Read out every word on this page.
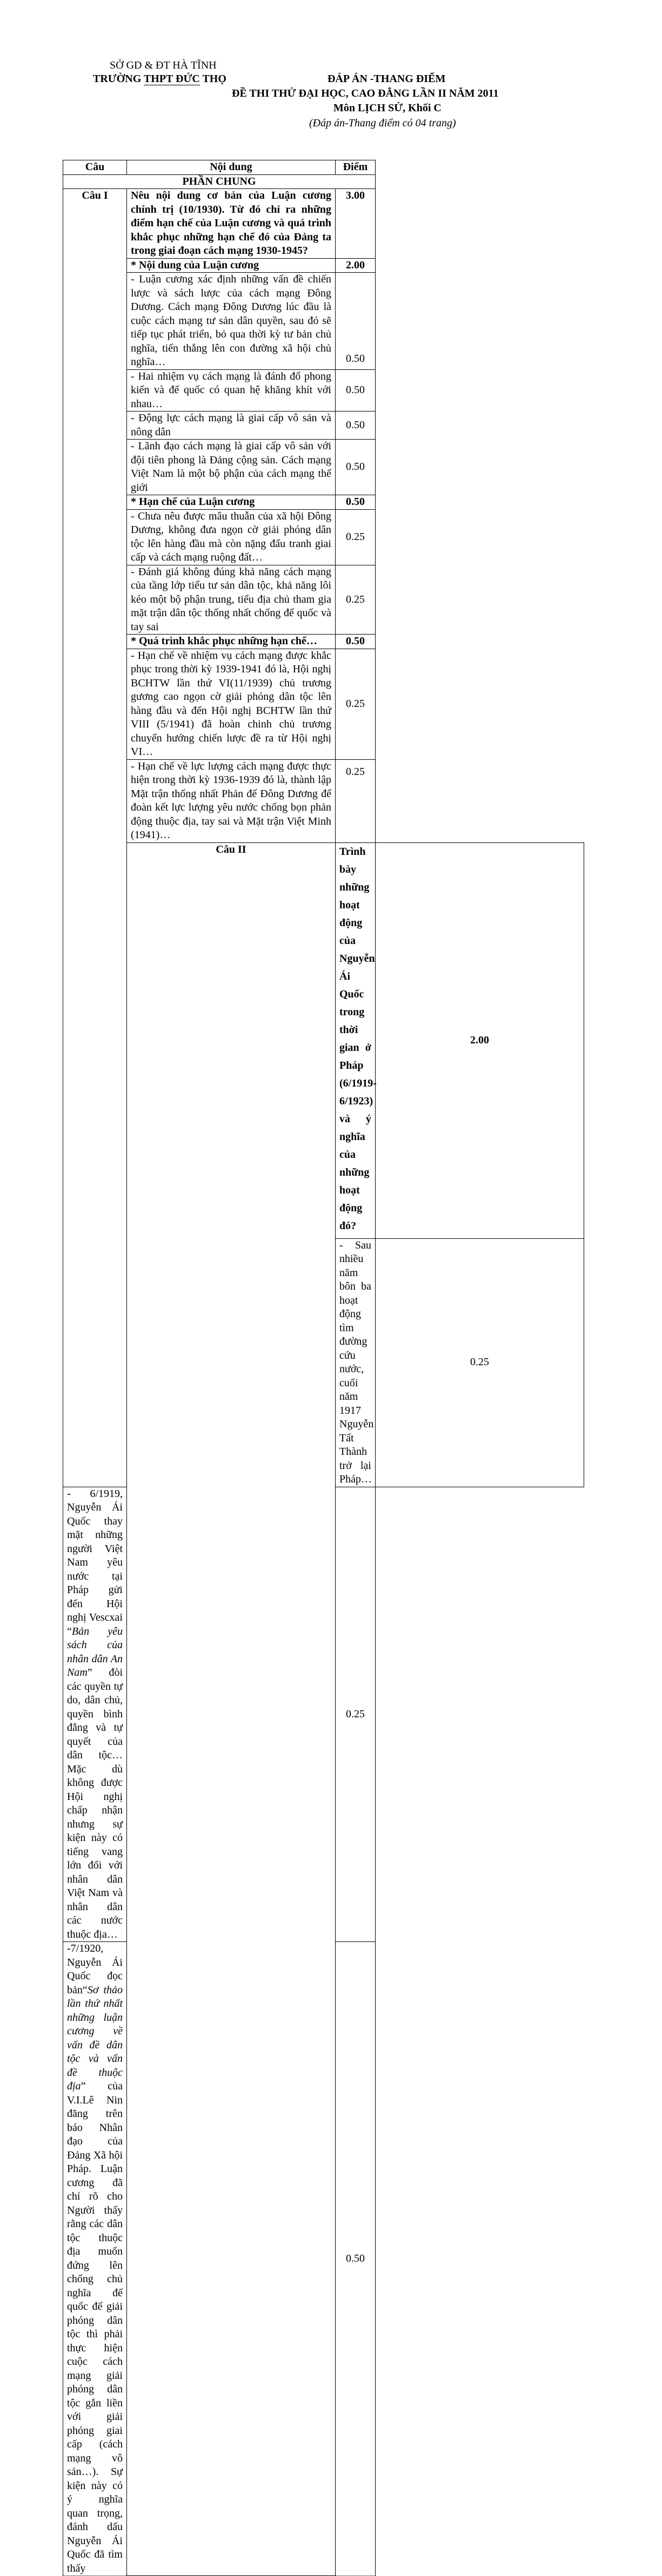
SỞ GD & ĐT HÀ TĨNH
TRƯỜNG THPT ĐỨC THỌ	ĐÁP ÁN -THANG ĐIỂM
ĐỀ THI THỬ ĐẠI HỌC, CAO ĐẲNG LẦN II NĂM 2011
Môn LỊCH SỬ, Khối C
(Đáp án-Thang điểm có 04 trang)
Câu	Nội dung	Điểm	
PHẦN CHUNG			
Câu I	Nêu nội dung cơ bản của Luận cương chính trị (10/1930). Từ đó chỉ ra những điểm hạn chế của Luận cương và quá trình khắc phục những hạn chế đó của Đảng ta trong giai đoạn cách mạng 1930-1945?	3.00	
	* Nội dung của Luận cương	2.00	
	- Luận cương xác định những vấn đề chiến lược và sách lược của cách mạng Đông Dương. Cách mạng Đông Dương lúc đầu là cuộc cách mạng tư sản dân quyền, sau đó sẽ tiếp tục phát triển, bỏ qua thời kỳ tư bản chủ nghĩa, tiến thẳng lên con đường xã hội chủ nghĩa…	0.50	
	- Hai nhiệm vụ cách mạng là đánh đổ phong kiến và đế quốc có quan hệ khăng khít với nhau…	0.50	
	- Động lực cách mạng là giai cấp vô sản và nông dân	0.50	
	- Lãnh đạo cách mạng là giai cấp vô sản với đội tiên phong là Đảng cộng sản. Cách mạng Việt Nam là một bộ phận của cách mạng thế giới	0.50	
	* Hạn chế của Luận cương	0.50	
	- Chưa nêu được mâu thuẫn của xã hội Đông Dương, không đưa ngọn cờ giải phóng dân tộc lên hàng đầu mà còn nặng đấu tranh giai cấp và cách mạng ruộng đất…	0.25	
	- Đánh giá không đúng khả năng cách mạng của tầng lớp tiểu tư sản dân tộc, khả năng lôi kéo một bộ phận trung, tiểu địa chủ tham gia mặt trận dân tộc thống nhất chống đế quốc và tay sai	0.25	
	* Quá trình khắc phục những hạn chế…	0.50	
	- Hạn chế về nhiệm vụ cách mạng được khắc phục trong thời kỳ 1939-1941 đó là, Hội nghị BCHTW lần thứ VI(11/1939) chủ trương gương cao ngọn cờ giải phóng dân tộc lên hàng đầu và đến Hội nghị BCHTW lần thứ VIII (5/1941) đã hoàn chinh chủ trương chuyển hướng chiến lược đề ra từ Hội nghị VI…	0.25	
	- Hạn chế về lực lượng cách mạng được thực hiện trong thời kỳ 1936-1939 đó là, thành lập Mặt trận thống nhất Phản đế Đông Dương để đoàn kết lực lượng yêu nước chống bọn phản động thuộc địa, tay sai và Mặt trận Việt Minh (1941)…	0.25	
	Câu II	Trình bày những hoạt động của Nguyễn Ái Quốc trong thời gian ở Pháp (6/1919-6/1923) và ý nghĩa của những hoạt động đó?	2.00
		- Sau nhiều năm bôn ba hoạt động tìm đường cứu nước, cuối năm 1917 Nguyễn Tất Thành trở lại Pháp…	0.25
- 6/1919, Nguyễn Ái Quốc thay mặt những người Việt Nam yêu nước tại Pháp gửi đến Hội nghị Vescxai “Bản yêu sách của nhân dân An Nam” đòi các quyền tự do, dân chủ, quyền bình đẳng và tự quyết của dân tộc…Mặc dù không được Hội nghị chấp nhận nhưng sự kiện này có tiếng vang lớn đối với nhân dân Việt Nam và nhân dân các nước thuộc địa…		0.25	
-7/1920, Nguyễn Ái Quốc đọc bản“Sơ thảo lần thứ nhất những luận cương về vấn đề dân tộc và vấn đề thuộc địa” của V.I.Lê Nin đăng trên báo Nhân đạo của Đảng Xã hội Pháp. Luận cương đã chỉ rõ cho Người thấy rằng các dân tộc thuộc địa muốn đứng lên chống chủ nghĩa đế quốc để giải phóng dân tộc thì phải thực hiện cuộc cách mạng giải phóng dân tộc gắn liền với giải phóng giai cấp (cách mạng vô sản…). Sự kiện này có ý nghĩa quan trọng, đánh dấu Nguyễn Ái Quốc đã tìm thấy		0.50	
